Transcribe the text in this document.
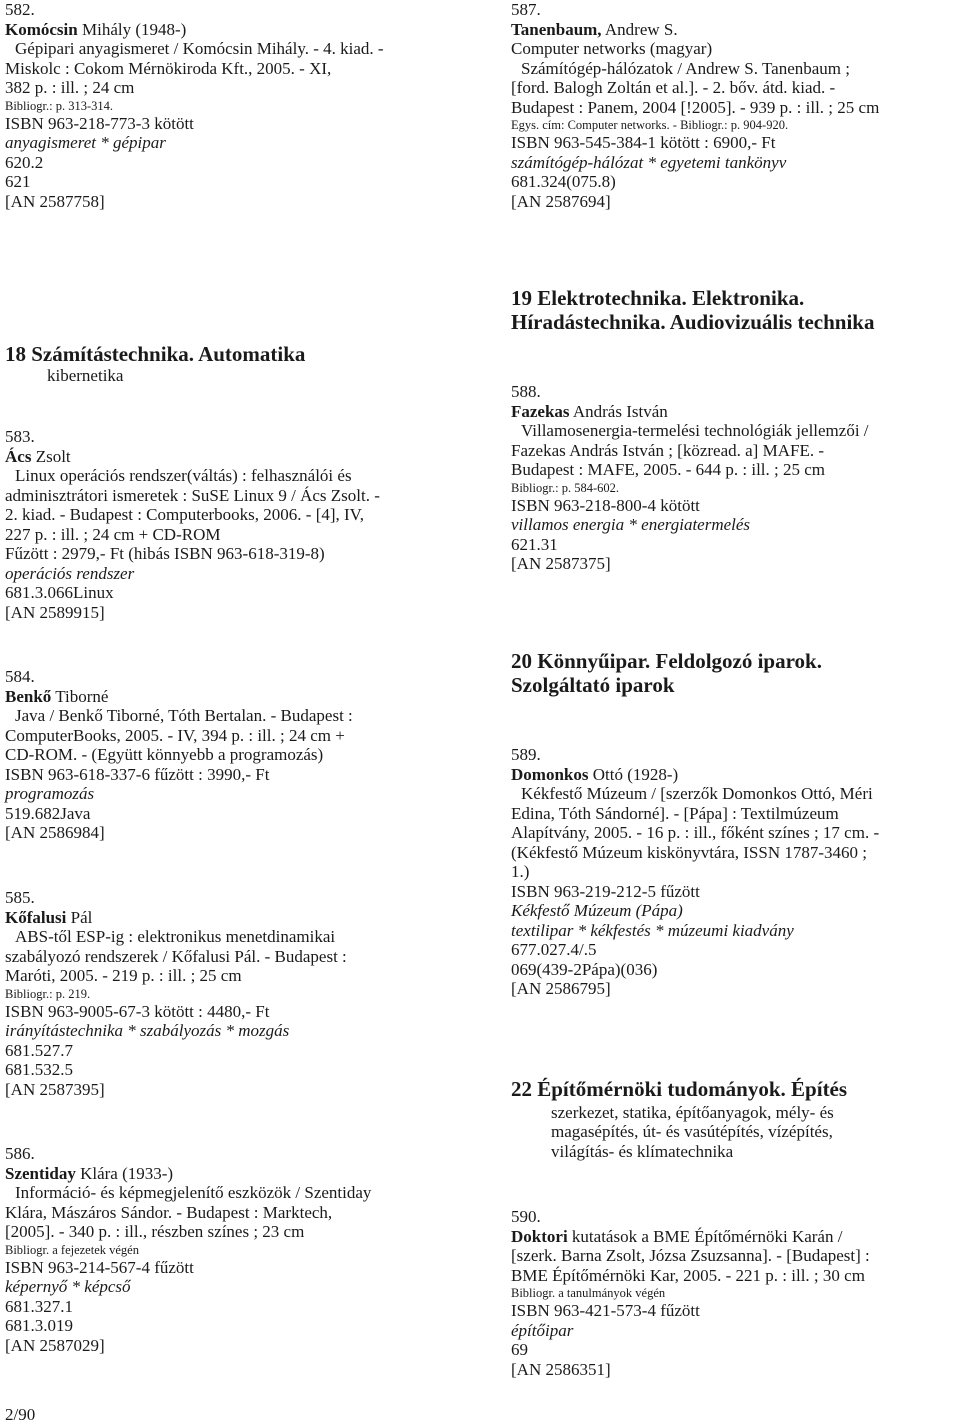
582.
Komócsin Mihály (1948-)
Gépipari anyagismeret / Komócsin Mihály. - 4. kiad. -
Miskolc : Cokom Mérnökiroda Kft., 2005. - XI,
382 p. : ill. ; 24 cm
Bibliogr.: p. 313-314.
ISBN 963-218-773-3 kötött
anyagismeret * gépipar
620.2
621
[AN 2587758]
18 Számítástechnika. Automatika
kibernetika
583.
Ács Zsolt
Linux operációs rendszer(váltás) : felhasználói és
adminisztrátori ismeretek : SuSE Linux 9 / Ács Zsolt. -
2. kiad. - Budapest : Computerbooks, 2006. - [4], IV,
227 p. : ill. ; 24 cm + CD-ROM
Fűzött : 2979,- Ft (hibás ISBN 963-618-319-8)
operációs rendszer
681.3.066Linux
[AN 2589915]
584.
Benkő Tiborné
Java / Benkő Tiborné, Tóth Bertalan. - Budapest :
ComputerBooks, 2005. - IV, 394 p. : ill. ; 24 cm +
CD-ROM. - (Együtt könnyebb a programozás)
ISBN 963-618-337-6 fűzött : 3990,- Ft
programozás
519.682Java
[AN 2586984]
585.
Kőfalusi Pál
ABS-től ESP-ig : elektronikus menetdinamikai
szabályozó rendszerek / Kőfalusi Pál. - Budapest :
Maróti, 2005. - 219 p. : ill. ; 25 cm
Bibliogr.: p. 219.
ISBN 963-9005-67-3 kötött : 4480,- Ft
irányítástechnika * szabályozás * mozgás
681.527.7
681.532.5
[AN 2587395]
586.
Szentiday Klára (1933-)
Információ- és képmegjelenítő eszközök / Szentiday
Klára, Mászáros Sándor. - Budapest : Marktech,
[2005]. - 340 p. : ill., részben színes ; 23 cm
Bibliogr. a fejezetek végén
ISBN 963-214-567-4 fűzött
képernyő * képcső
681.327.1
681.3.019
[AN 2587029]
587.
Tanenbaum, Andrew S.
Computer networks (magyar)
Számítógép-hálózatok / Andrew S. Tanenbaum ;
[ford. Balogh Zoltán et al.]. - 2. bőv. átd. kiad. -
Budapest : Panem, 2004 [!2005]. - 939 p. : ill. ; 25 cm
Egys. cím: Computer networks. - Bibliogr.: p. 904-920.
ISBN 963-545-384-1 kötött : 6900,- Ft
számítógép-hálózat * egyetemi tankönyv
681.324(075.8)
[AN 2587694]
19 Elektrotechnika. Elektronika.
Híradástechnika. Audiovizuális technika
588.
Fazekas András István
Villamosenergia-termelési technológiák jellemzői /
Fazekas András István ; [közread. a] MAFE. -
Budapest : MAFE, 2005. - 644 p. : ill. ; 25 cm
Bibliogr.: p. 584-602.
ISBN 963-218-800-4 kötött
villamos energia * energiatermelés
621.31
[AN 2587375]
20 Könnyűipar. Feldolgozó iparok.
Szolgáltató iparok
589.
Domonkos Ottó (1928-)
Kékfestő Múzeum / [szerzők Domonkos Ottó, Méri
Edina, Tóth Sándorné]. - [Pápa] : Textilmúzeum
Alapítvány, 2005. - 16 p. : ill., főként színes ; 17 cm. -
(Kékfestő Múzeum kiskönyvtára, ISSN 1787-3460 ;
1.)
ISBN 963-219-212-5 fűzött
Kékfestő Múzeum (Pápa)
textilipar * kékfestés * múzeumi kiadvány
677.027.4/.5
069(439-2Pápa)(036)
[AN 2586795]
22 Építőmérnöki tudományok. Építés
szerkezet, statika, építőanyagok, mély- és
magasépítés, út- és vasútépítés, vízépítés,
világítás- és klímatechnika
590.
Doktori kutatások a BME Építőmérnöki Karán /
[szerk. Barna Zsolt, Józsa Zsuzsanna]. - [Budapest] :
BME Építőmérnöki Kar, 2005. - 221 p. : ill. ; 30 cm
Bibliogr. a tanulmányok végén
ISBN 963-421-573-4 fűzött
építőipar
69
[AN 2586351]
2/90
